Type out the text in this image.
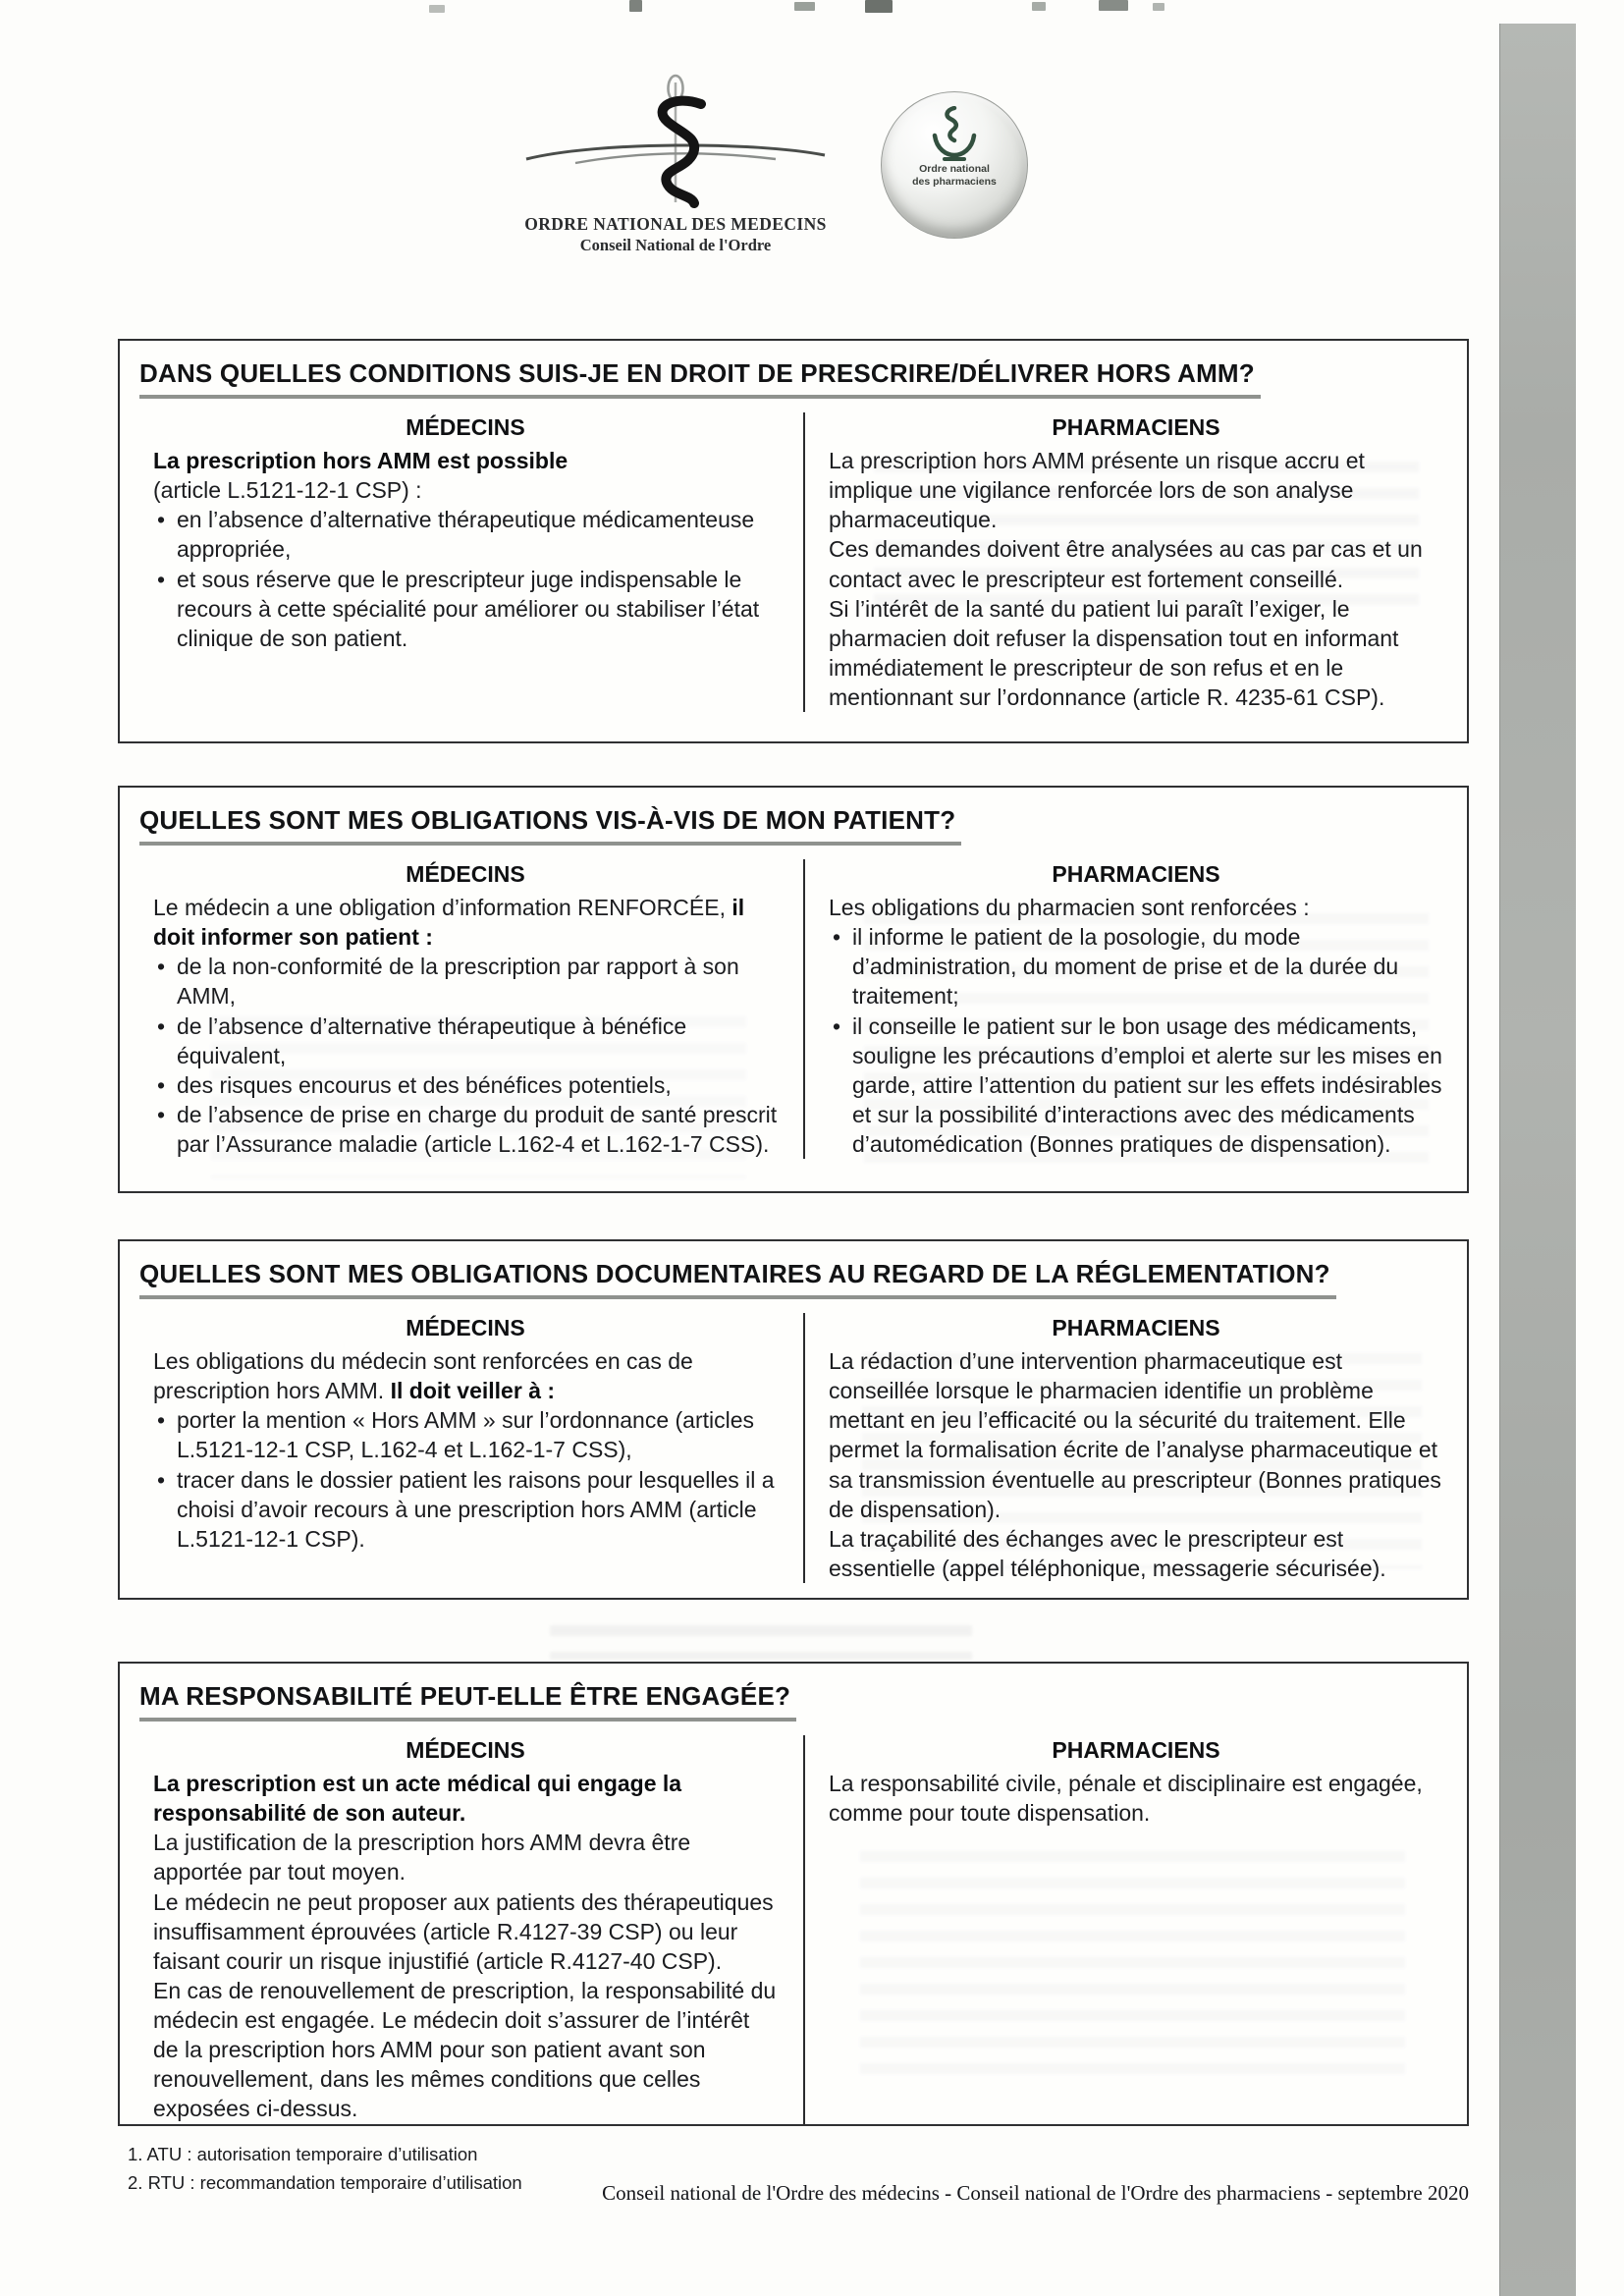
ORDRE NATIONAL DES MEDECINS
Conseil National de l'Ordre
Ordre national
des pharmaciens
DANS QUELLES CONDITIONS SUIS-JE EN DROIT DE PRESCRIRE/DÉLIVRER HORS AMM?
MÉDECINS

La prescription hors AMM est possible

(article L.5121-12-1 CSP) :

• en l’absence d’alternative thérapeutique médicamenteuse appropriée,
• et sous réserve que le prescripteur juge indispensable le recours à cette spécialité pour améliorer ou stabiliser l’état clinique de son patient.
PHARMACIENS

La prescription hors AMM présente un risque accru et implique une vigilance renforcée lors de son analyse pharmaceutique.

Ces demandes doivent être analysées au cas par cas et un contact avec le prescripteur est fortement conseillé.

Si l’intérêt de la santé du patient lui paraît l’exiger, le pharmacien doit refuser la dispensation tout en informant immédiatement le prescripteur de son refus et en le mentionnant sur l’ordonnance (article R. 4235-61 CSP).

QUELLES SONT MES OBLIGATIONS VIS-À-VIS DE MON PATIENT?
MÉDECINS

Le médecin a une obligation d’information RENFORCÉE, il doit informer son patient :

• de la non-conformité de la prescription par rapport à son AMM,
• de l’absence d’alternative thérapeutique à bénéfice équivalent,
• des risques encourus et des bénéfices potentiels,
• de l’absence de prise en charge du produit de santé prescrit par l’Assurance maladie (article L.162-4 et L.162-1-7 CSS).
PHARMACIENS

Les obligations du pharmacien sont renforcées :

• il informe le patient de la posologie, du mode d’administration, du moment de prise et de la durée du traitement;
• il conseille le patient sur le bon usage des médicaments, souligne les précautions d’emploi et alerte sur les mises en garde, attire l’attention du patient sur les effets indésirables et sur la possibilité d’interactions avec des médicaments d’automédication (Bonnes pratiques de dispensation).
QUELLES SONT MES OBLIGATIONS DOCUMENTAIRES AU REGARD DE LA RÉGLEMENTATION?
MÉDECINS

Les obligations du médecin sont renforcées en cas de prescription hors AMM. Il doit veiller à :

• porter la mention « Hors AMM » sur l’ordonnance (articles L.5121-12-1 CSP, L.162-4 et L.162-1-7 CSS),
• tracer dans le dossier patient les raisons pour lesquelles il a choisi d’avoir recours à une prescription hors AMM (article L.5121-12-1 CSP).
PHARMACIENS

La rédaction d’une intervention pharmaceutique est conseillée lorsque le pharmacien identifie un problème mettant en jeu l’efficacité ou la sécurité du traitement. Elle permet la formalisation écrite de l’analyse pharmaceutique et sa transmission éventuelle au prescripteur (Bonnes pratiques de dispensation).

La traçabilité des échanges avec le prescripteur est essentielle (appel téléphonique, messagerie sécurisée).

MA RESPONSABILITÉ PEUT-ELLE ÊTRE ENGAGÉE?
MÉDECINS

La prescription est un acte médical qui engage la responsabilité de son auteur.

La justification de la prescription hors AMM devra être apportée par tout moyen.

Le médecin ne peut proposer aux patients des thérapeutiques insuffisamment éprouvées (article R.4127-39 CSP) ou leur faisant courir un risque injustifié (article R.4127-40 CSP).

En cas de renouvellement de prescription, la responsabilité du médecin est engagée. Le médecin doit s’assurer de l’intérêt de la prescription hors AMM pour son patient avant son renouvellement, dans les mêmes conditions que celles exposées ci-dessus.

PHARMACIENS

La responsabilité civile, pénale et disciplinaire est engagée, comme pour toute dispensation.

1. ATU : autorisation temporaire d’utilisation
2. RTU : recommandation temporaire d’utilisation	Conseil national de l'Ordre des médecins - Conseil national de l'Ordre des pharmaciens - septembre 2020
